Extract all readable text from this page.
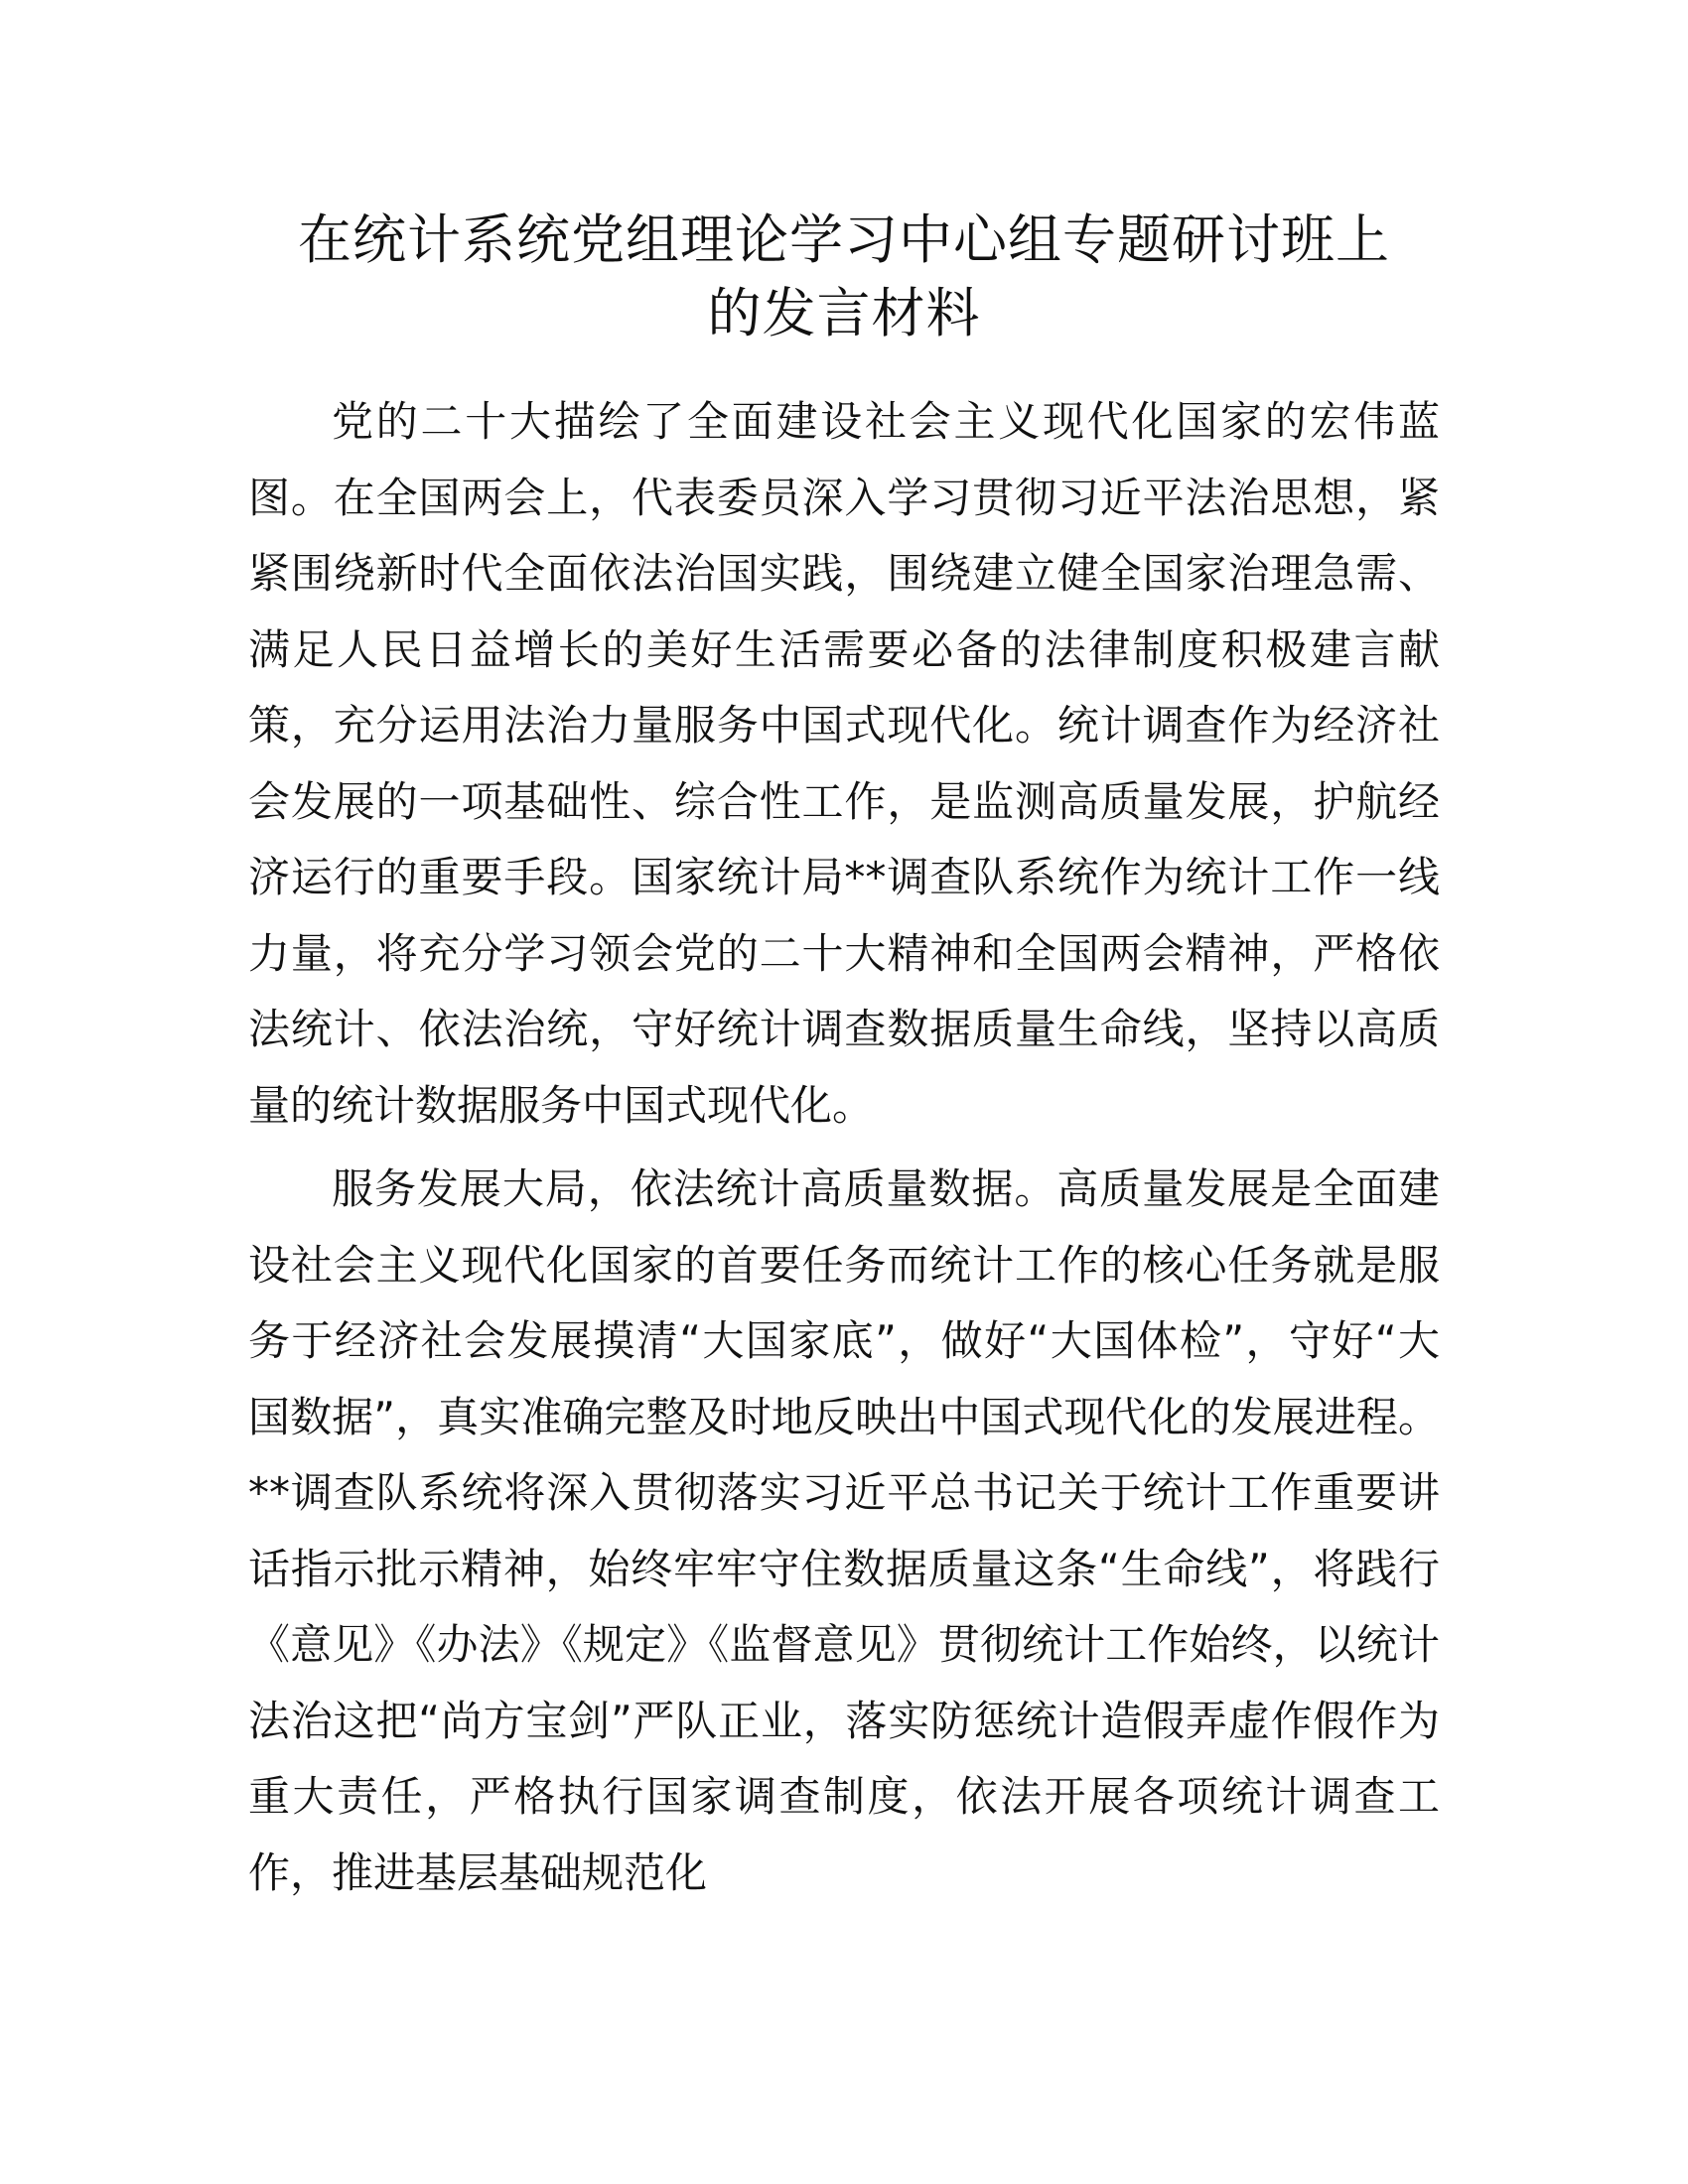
在统计系统党组理论学习中心组专题研讨班上
的发言材料

党的二十大描绘了全面建设社会主义现代化国家的宏伟蓝图。在全国两会上，代表委员深入学习贯彻习近平法治思想，紧紧围绕新时代全面依法治国实践，围绕建立健全国家治理急需、满足人民日益增长的美好生活需要必备的法律制度积极建言献策，充分运用法治力量服务中国式现代化。统计调查作为经济社会发展的一项基础性、综合性工作，是监测高质量发展，护航经济运行的重要手段。国家统计局**调查队系统作为统计工作一线力量，将充分学习领会党的二十大精神和全国两会精神，严格依法统计、依法治统，守好统计调查数据质量生命线，坚持以高质量的统计数据服务中国式现代化。

服务发展大局，依法统计高质量数据。高质量发展是全面建设社会主义现代化国家的首要任务而统计工作的核心任务就是服务于经济社会发展摸清“大国家底”，做好“大国体检”，守好“大国数据”，真实准确完整及时地反映出中国式现代化的发展进程。**调查队系统将深入贯彻落实习近平总书记关于统计工作重要讲话指示批示精神，始终牢牢守住数据质量这条“生命线”，将践行《意见》《办法》《规定》《监督意见》贯彻统计工作始终，以统计法治这把“尚方宝剑”严队正业，落实防惩统计造假弄虚作假作为重大责任，严格执行国家调查制度，依法开展各项统计调查工作，推进基层基础规范化
